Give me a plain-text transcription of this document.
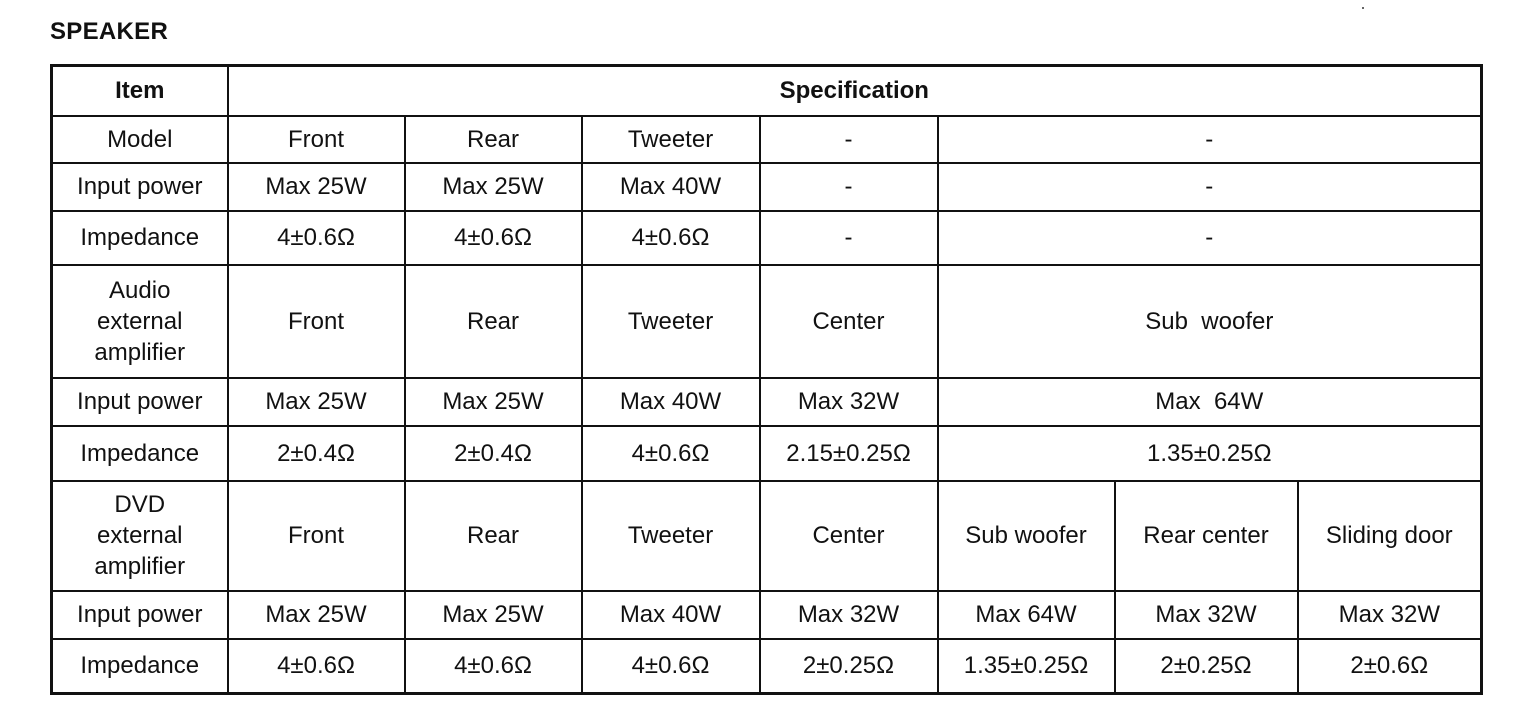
SPEAKER
Item	Specification						
Model	Front	Rear	Tweeter	-	-		
Input power	Max 25W	Max 25W	Max 40W	-	-		
Impedance	4±0.6Ω	4±0.6Ω	4±0.6Ω	-	-		

Audio
external
amplifier	Front	Rear	Tweeter	Center	Sub  woofer		
Input power	Max 25W	Max 25W	Max 40W	Max 32W	Max  64W		
Impedance	2±0.4Ω	2±0.4Ω	4±0.6Ω	2.15±0.25Ω	1.35±0.25Ω		

DVD
external
amplifier	Front	Rear	Tweeter	Center	Sub woofer	Rear center	Sliding door
Input power	Max 25W	Max 25W	Max 40W	Max 32W	Max 64W	Max 32W	Max 32W
Impedance	4±0.6Ω	4±0.6Ω	4±0.6Ω	2±0.25Ω	1.35±0.25Ω	2±0.25Ω	2±0.6Ω
